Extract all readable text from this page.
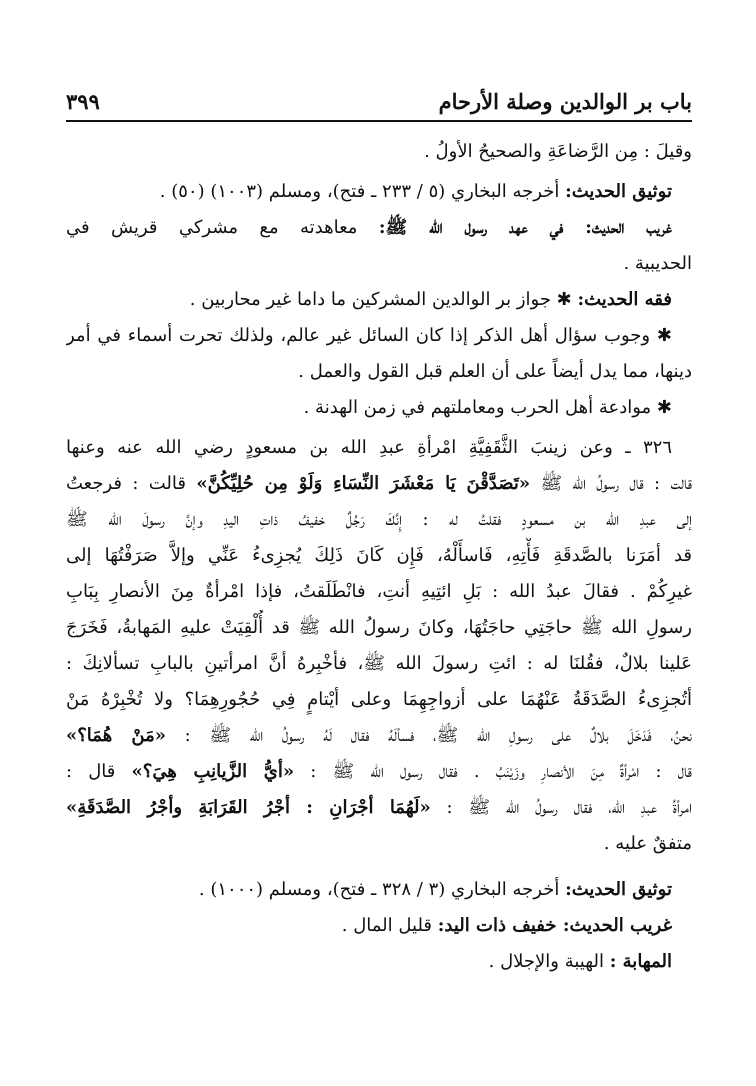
باب بر الوالدين وصلة الأرحام
٣٩٩
وقيلَ : مِن الرَّضاعَةِ والصحيحُ الأولُ .
توثيق الحديث: أخرجه البخاري (٥ / ٢٣٣ ـ فتح)، ومسلم (١٠٠٣) (٥٠) .
غريب الحديث: في عهد رسول الله ﷺ: معاهدته مع مشركي قريش في
الحديبية .
فقه الحديث: ✱ جواز بر الوالدين المشركين ما داما غير محاربين .
✱ وجوب سؤال أهل الذكر إذا كان السائل غير عالم، ولذلك تحرت أسماء في أمر
دينها، مما يدل أيضاً على أن العلم قبل القول والعمل .
✱ موادعة أهل الحرب ومعاملتهم في زمن الهدنة .
٣٢٦ ـ وعن زينبَ الثَّقَفِيَّةِ امْرأةِ عبدِ الله بن مسعودٍ رضي الله عنه وعنها
قالت : قال رسولُ الله ﷺ «تَصَدَّقْنَ يَا مَعْشَرَ النِّسَاءِ وَلَوْ مِن حُلِيِّكُنَّ» قالت : فرجعتُ
إلى عبدِ الله بن مسعودٍ فقلتُ له : إِنَّكَ رَجُلٌ خفيفُ ذاتِ اليدِ وإنَّ رسولَ الله ﷺ
قد أمَرَنا بالصَّدقَةِ فَأْتِهِ، فَاسأَلْهُ، فَإِن كَانَ ذَلِكَ يُجزِىءُ عَنِّي وإلاَّ صَرَفْتُهَا إلى
غيرِكُمْ . فقالَ عبدُ الله : بَلِ ائتِيهِ أنتِ، فانْطَلَقتُ، فإذا امْرأةٌ مِنَ الأنصارِ بِبَابِ
رسولِ الله ﷺ حاجَتِي حاجَتُهَا، وكانَ رسولُ الله ﷺ قد أُلْقِيَتْ عليهِ المَهابةُ، فَخَرَجَ
عَلينا بلالٌ، فقُلنَا له : ائتِ رسولَ الله ﷺ، فأخْبِرهُ أنَّ امرأتينِ بالبابِ تسألانِكَ :
أتُجزِىءُ الصَّدَقَةُ عَنْهُمَا على أزواجِهِمَا وعلى أيْتامٍ فِي حُجُورِهِمَا؟ ولا تُخْبِرْهُ مَنْ
نحنُ، فَدَخَلَ بلالٌ على رسولِ الله ﷺ، فسألَهُ فقال لَهُ رسولُ الله ﷺ : «مَنْ هُمَا؟»
قال : امْرأةٌ مِنَ الأنصارِ وزَيْنَبُ . فقال رسول الله ﷺ : «أيُّ الزَّيانِبِ هِيَ؟» قال :
امرأةُ عبدِ الله، فقال رسولُ الله ﷺ : «لَهُمَا أجْرَانِ : أجْرُ القَرَابَةِ وأجْرُ الصَّدَقَةِ»
متفقٌ عليه .
توثيق الحديث: أخرجه البخاري (٣ / ٣٢٨ ـ فتح)، ومسلم (١٠٠٠) .
غريب الحديث: خفيف ذات اليد: قليل المال .
المهابة : الهيبة والإجلال .
